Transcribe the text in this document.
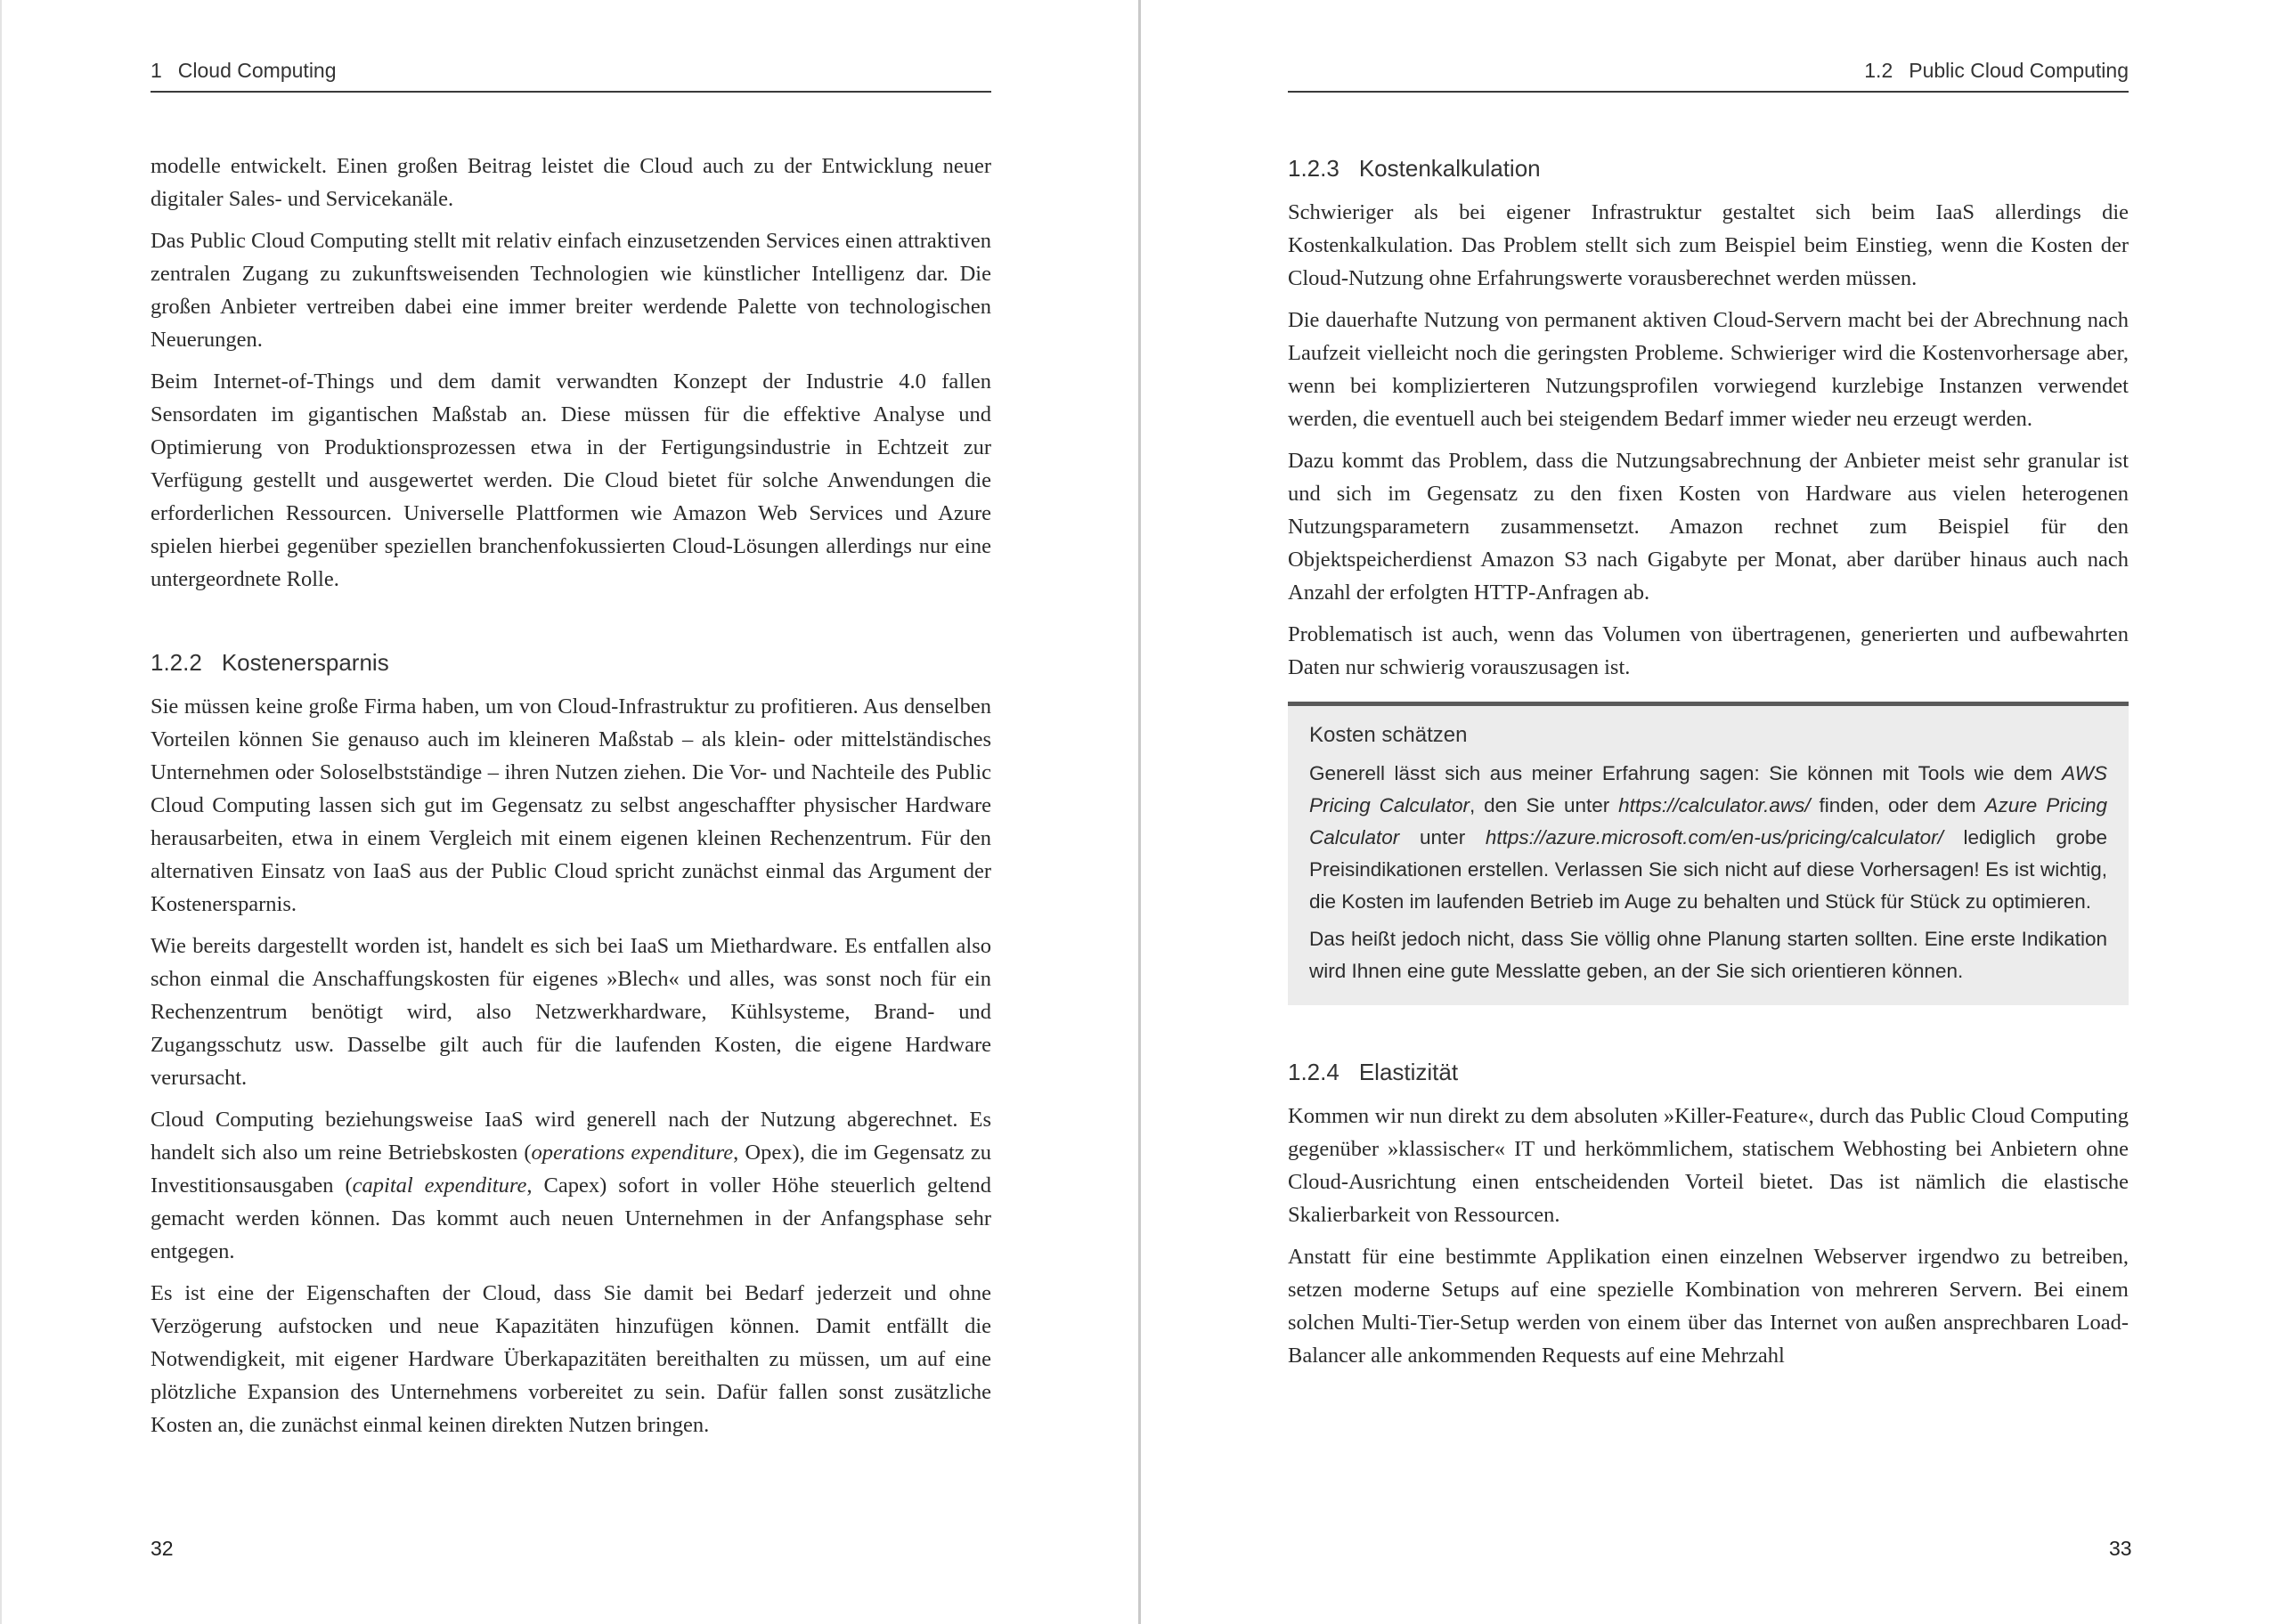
1 Cloud Computing

modelle entwickelt. Einen großen Beitrag leistet die Cloud auch zu der Entwicklung neuer digitaler Sales- und Servicekanäle.

Das Public Cloud Computing stellt mit relativ einfach einzusetzenden Services einen attraktiven zentralen Zugang zu zukunftsweisenden Technologien wie künstlicher Intelligenz dar. Die großen Anbieter vertreiben dabei eine immer breiter werdende Palette von technologischen Neuerungen.

Beim Internet-of-Things und dem damit verwandten Konzept der Industrie 4.0 fallen Sensordaten im gigantischen Maßstab an. Diese müssen für die effektive Analyse und Optimierung von Produktionsprozessen etwa in der Fertigungsindustrie in Echtzeit zur Verfügung gestellt und ausgewertet werden. Die Cloud bietet für solche Anwendungen die erforderlichen Ressourcen. Universelle Plattformen wie Amazon Web Services und Azure spielen hierbei gegenüber speziellen branchenfokussierten Cloud-Lösungen allerdings nur eine untergeordnete Rolle.

1.2.2 Kostenersparnis

Sie müssen keine große Firma haben, um von Cloud-Infrastruktur zu profitieren. Aus denselben Vorteilen können Sie genauso auch im kleineren Maßstab – als klein- oder mittelständisches Unternehmen oder Soloselbstständige – ihren Nutzen ziehen. Die Vor- und Nachteile des Public Cloud Computing lassen sich gut im Gegensatz zu selbst angeschaffter physischer Hardware herausarbeiten, etwa in einem Vergleich mit einem eigenen kleinen Rechenzentrum. Für den alternativen Einsatz von IaaS aus der Public Cloud spricht zunächst einmal das Argument der Kostenersparnis.

Wie bereits dargestellt worden ist, handelt es sich bei IaaS um Miethardware. Es entfallen also schon einmal die Anschaffungskosten für eigenes »Blech« und alles, was sonst noch für ein Rechenzentrum benötigt wird, also Netzwerkhardware, Kühlsysteme, Brand- und Zugangsschutz usw. Dasselbe gilt auch für die laufenden Kosten, die eigene Hardware verursacht.

Cloud Computing beziehungsweise IaaS wird generell nach der Nutzung abgerechnet. Es handelt sich also um reine Betriebskosten (operations expenditure, Opex), die im Gegensatz zu Investitionsausgaben (capital expenditure, Capex) sofort in voller Höhe steuerlich geltend gemacht werden können. Das kommt auch neuen Unternehmen in der Anfangsphase sehr entgegen.

Es ist eine der Eigenschaften der Cloud, dass Sie damit bei Bedarf jederzeit und ohne Verzögerung aufstocken und neue Kapazitäten hinzufügen können. Damit entfällt die Notwendigkeit, mit eigener Hardware Überkapazitäten bereithalten zu müssen, um auf eine plötzliche Expansion des Unternehmens vorbereitet zu sein. Dafür fallen sonst zusätzliche Kosten an, die zunächst einmal keinen direkten Nutzen bringen.

32
1.2 Public Cloud Computing
1.2.3 Kostenkalkulation

Schwieriger als bei eigener Infrastruktur gestaltet sich beim IaaS allerdings die Kostenkalkulation. Das Problem stellt sich zum Beispiel beim Einstieg, wenn die Kosten der Cloud-Nutzung ohne Erfahrungswerte vorausberechnet werden müssen.

Die dauerhafte Nutzung von permanent aktiven Cloud-Servern macht bei der Abrechnung nach Laufzeit vielleicht noch die geringsten Probleme. Schwieriger wird die Kostenvorhersage aber, wenn bei komplizierteren Nutzungsprofilen vorwiegend kurzlebige Instanzen verwendet werden, die eventuell auch bei steigendem Bedarf immer wieder neu erzeugt werden.

Dazu kommt das Problem, dass die Nutzungsabrechnung der Anbieter meist sehr granular ist und sich im Gegensatz zu den fixen Kosten von Hardware aus vielen heterogenen Nutzungsparametern zusammensetzt. Amazon rechnet zum Beispiel für den Objektspeicherdienst Amazon S3 nach Gigabyte per Monat, aber darüber hinaus auch nach Anzahl der erfolgten HTTP-Anfragen ab.

Problematisch ist auch, wenn das Volumen von übertragenen, generierten und aufbewahrten Daten nur schwierig vorauszusagen ist.

Kosten schätzen

Generell lässt sich aus meiner Erfahrung sagen: Sie können mit Tools wie dem AWS Pricing Calculator, den Sie unter https://calculator.aws/ finden, oder dem Azure Pricing Calculator unter https://azure.microsoft.com/en-us/pricing/calculator/ lediglich grobe Preisindikationen erstellen. Verlassen Sie sich nicht auf diese Vorhersagen! Es ist wichtig, die Kosten im laufenden Betrieb im Auge zu behalten und Stück für Stück zu optimieren.

Das heißt jedoch nicht, dass Sie völlig ohne Planung starten sollten. Eine erste Indikation wird Ihnen eine gute Messlatte geben, an der Sie sich orientieren können.

1.2.4 Elastizität

Kommen wir nun direkt zu dem absoluten »Killer-Feature«, durch das Public Cloud Computing gegenüber »klassischer« IT und herkömmlichem, statischem Webhosting bei Anbietern ohne Cloud-Ausrichtung einen entscheidenden Vorteil bietet. Das ist nämlich die elastische Skalierbarkeit von Ressourcen.

Anstatt für eine bestimmte Applikation einen einzelnen Webserver irgendwo zu betreiben, setzen moderne Setups auf eine spezielle Kombination von mehreren Servern. Bei einem solchen Multi-Tier-Setup werden von einem über das Internet von außen ansprechbaren Load-Balancer alle ankommenden Requests auf eine Mehrzahl

33
